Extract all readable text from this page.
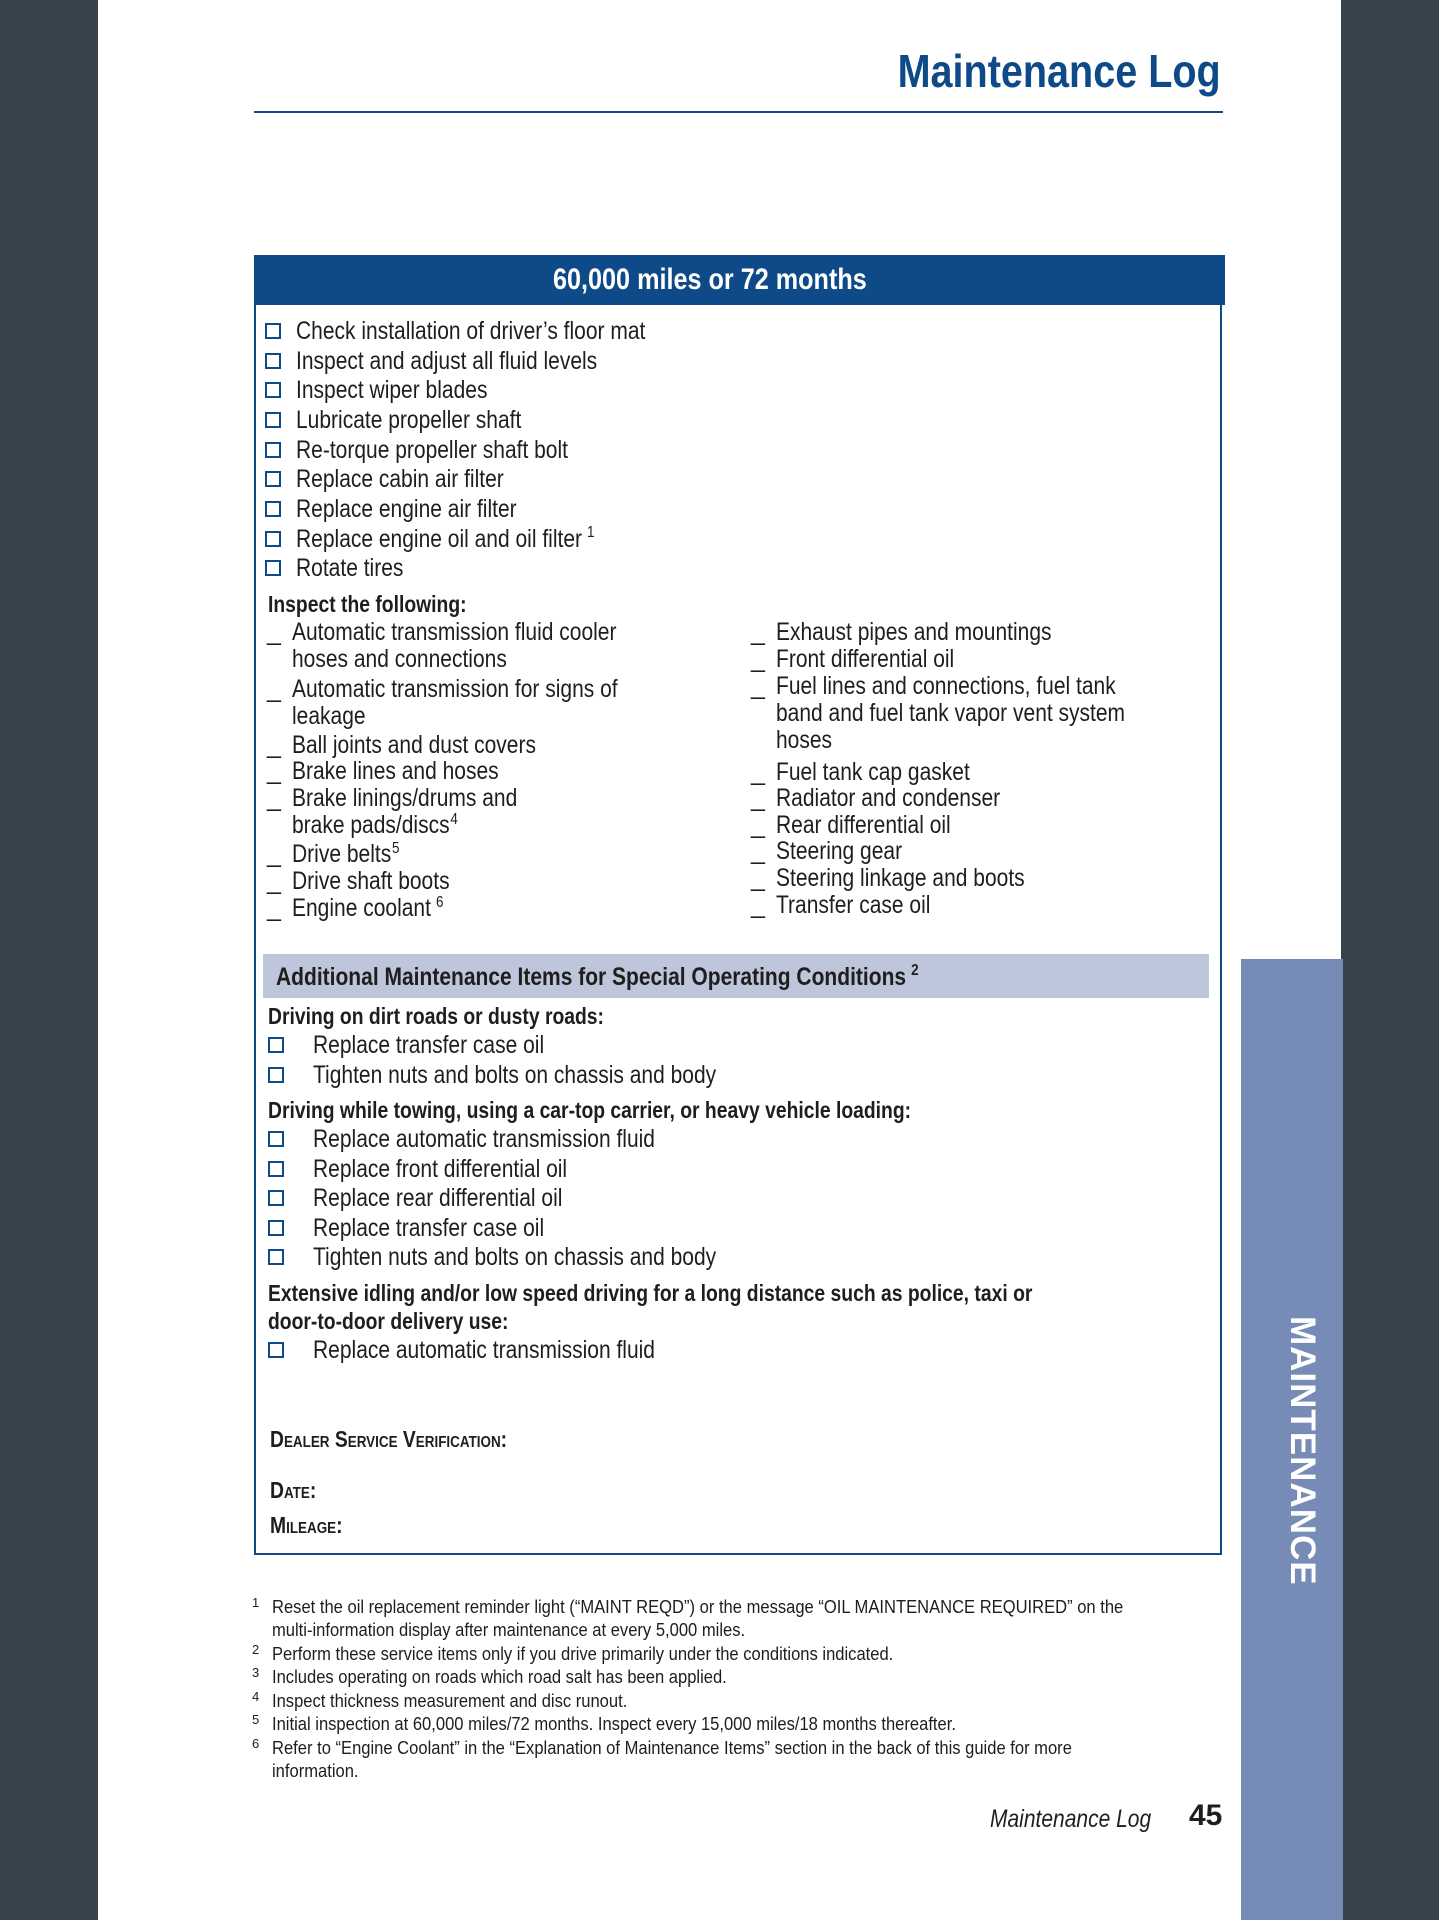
MAINTENANCE
Maintenance Log
60,000 miles or 72 months
Check installation of driver’s floor mat
Inspect and adjust all fluid levels
Inspect wiper blades
Lubricate propeller shaft
Re-torque propeller shaft bolt
Replace cabin air filter
Replace engine air filter
Replace engine oil and oil filter $^1$
Rotate tires
Inspect the following:
_ Automatic transmission fluid cooler
hoses and connections
_ Automatic transmission for signs of
leakage
_ Ball joints and dust covers
_ Brake lines and hoses
_ Brake linings/drums and
brake pads/discs$^4$
_ Drive belts$^5$
_ Drive shaft boots
_ Engine coolant $^6$
_ Exhaust pipes and mountings
_ Front differential oil
_ Fuel lines and connections, fuel tank
band and fuel tank vapor vent system
hoses
_ Fuel tank cap gasket
_ Radiator and condenser
_ Rear differential oil
_ Steering gear
_ Steering linkage and boots
_ Transfer case oil
Additional Maintenance Items for Special Operating Conditions $^2$
Driving on dirt roads or dusty roads:
Replace transfer case oil
Tighten nuts and bolts on chassis and body
Driving while towing, using a car-top carrier, or heavy vehicle loading:
Replace automatic transmission fluid
Replace front differential oil
Replace rear differential oil
Replace transfer case oil
Tighten nuts and bolts on chassis and body
Extensive idling and/or low speed driving for a long distance such as police, taxi or
door-to-door delivery use:
Replace automatic transmission fluid
Dealer Service Verification:
Date:
Mileage:
1 Reset the oil replacement reminder light (“MAINT REQD”) or the message “OIL MAINTENANCE REQUIRED” on the
multi-information display after maintenance at every 5,000 miles.
2 Perform these service items only if you drive primarily under the conditions indicated.
3 Includes operating on roads which road salt has been applied.
4 Inspect thickness measurement and disc runout.
5 Initial inspection at 60,000 miles/72 months. Inspect every 15,000 miles/18 months thereafter.
6 Refer to “Engine Coolant” in the “Explanation of Maintenance Items” section in the back of this guide for more
information.
Maintenance Log 45
